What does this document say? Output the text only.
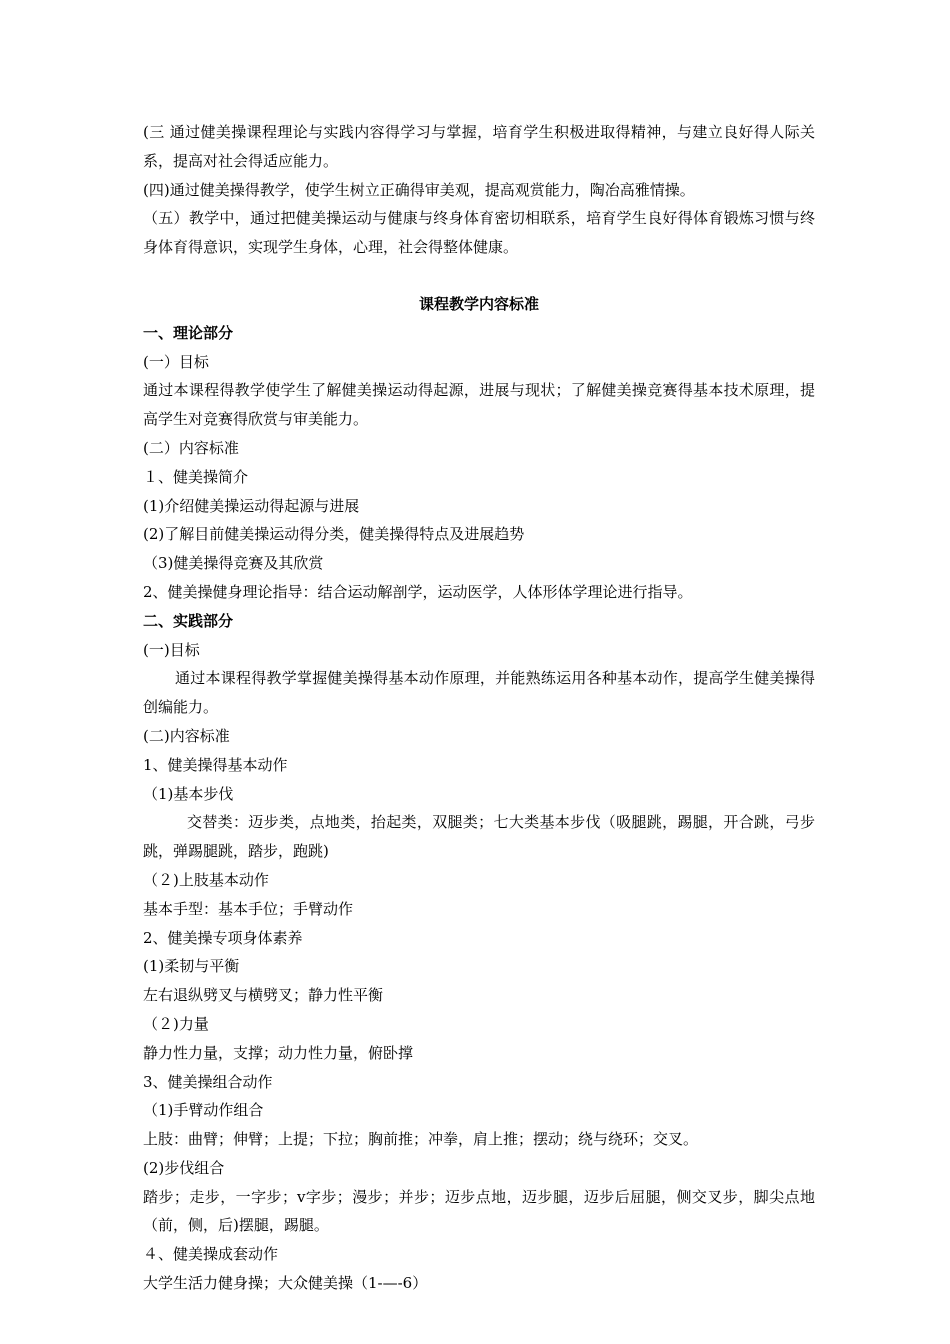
(三 通过健美操课程理论与实践内容得学习与掌握，培育学生积极进取得精神，与建立良好得人际关系，提高对社会得适应能力。
(四)通过健美操得教学，使学生树立正确得审美观，提高观赏能力，陶冶高雅情操。
（五）教学中，通过把健美操运动与健康与终身体育密切相联系，培育学生良好得体育锻炼习惯与终身体育得意识，实现学生身体，心理，社会得整体健康。
课程教学内容标准
一、理论部分
(一）目标
通过本课程得教学使学生了解健美操运动得起源，进展与现状；了解健美操竞赛得基本技术原理，提高学生对竞赛得欣赏与审美能力。
(二）内容标准
１、健美操简介
(1)介绍健美操运动得起源与进展
(2)了解目前健美操运动得分类，健美操得特点及进展趋势
（3)健美操得竞赛及其欣赏
2、健美操健身理论指导：结合运动解剖学，运动医学，人体形体学理论进行指导。
二、实践部分
(一)目标
通过本课程得教学掌握健美操得基本动作原理，并能熟练运用各种基本动作，提高学生健美操得创编能力。
(二)内容标准
1、健美操得基本动作
（1)基本步伐
交替类：迈步类，点地类，抬起类，双腿类；七大类基本步伐（吸腿跳，踢腿，开合跳，弓步跳，弹踢腿跳，踏步，跑跳)
（２)上肢基本动作
基本手型：基本手位；手臂动作
2、健美操专项身体素养
(1)柔韧与平衡
左右退纵劈叉与横劈叉；静力性平衡
（２)力量
静力性力量，支撑；动力性力量，俯卧撑
3、健美操组合动作
（1)手臂动作组合
上肢：曲臂；伸臂；上提；下拉；胸前推；冲拳，肩上推；摆动；绕与绕环；交叉。
(2)步伐组合
踏步；走步，一字步；v字步；漫步；并步；迈步点地，迈步腿，迈步后屈腿，侧交叉步，脚尖点地（前，侧，后)摆腿，踢腿。
４、健美操成套动作
大学生活力健身操；大众健美操（1-—-6）
